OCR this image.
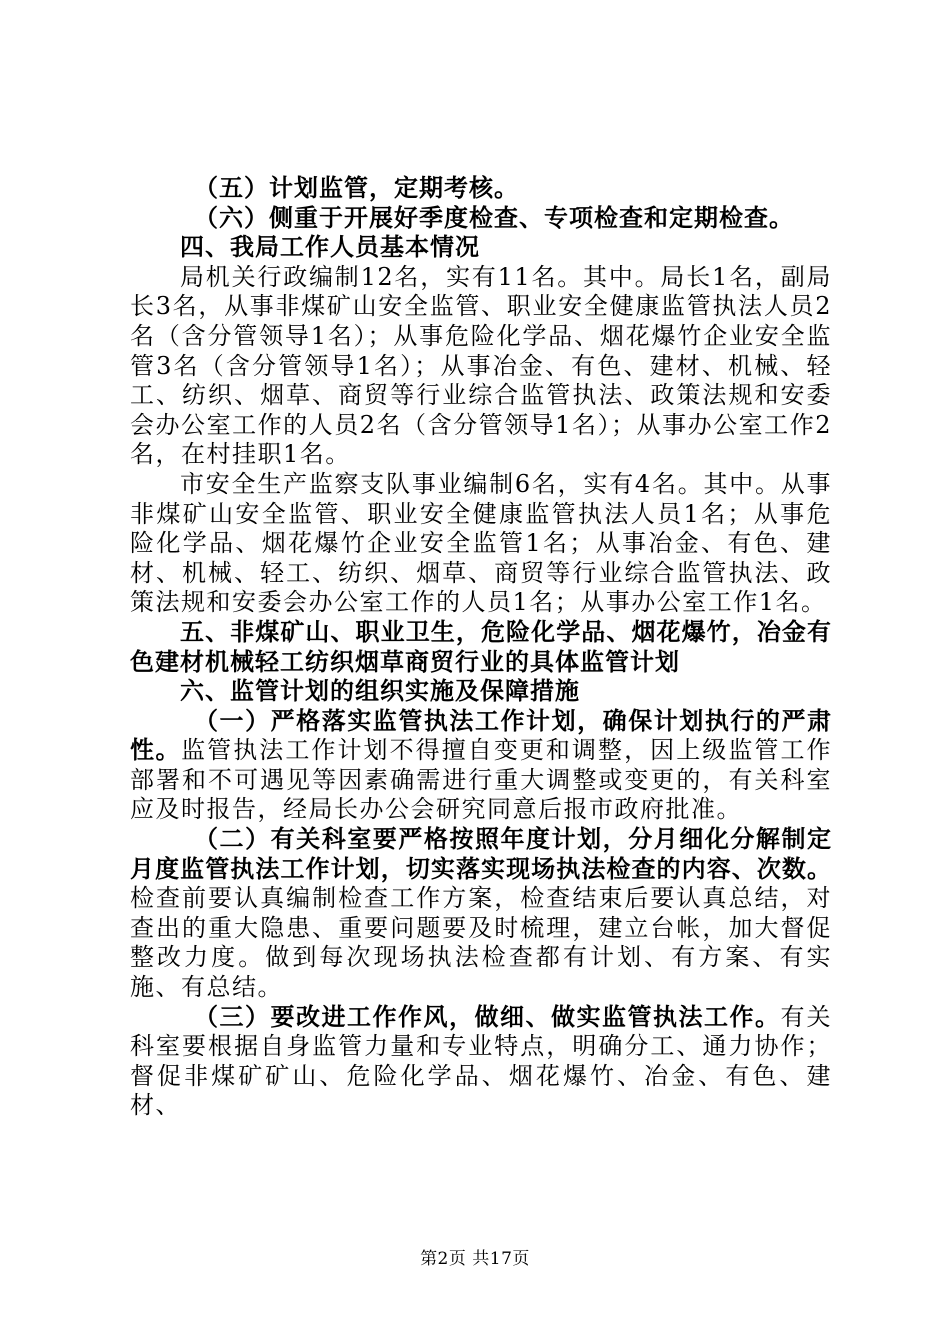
（五）计划监管，定期考核。

（六）侧重于开展好季度检查、专项检查和定期检查。

四、我局工作人员基本情况

局机关行政编制12名，实有11名。其中。局长1名，副局长3名，从事非煤矿山安全监管、职业安全健康监管执法人员2名（含分管领导1名）；从事危险化学品、烟花爆竹企业安全监管3名（含分管领导1名）；从事冶金、有色、建材、机械、轻工、纺织、烟草、商贸等行业综合监管执法、政策法规和安委会办公室工作的人员2名（含分管领导1名）；从事办公室工作2名，在村挂职1名。

市安全生产监察支队事业编制6名，实有4名。其中。从事非煤矿山安全监管、职业安全健康监管执法人员1名；从事危险化学品、烟花爆竹企业安全监管1名；从事冶金、有色、建材、机械、轻工、纺织、烟草、商贸等行业综合监管执法、政策法规和安委会办公室工作的人员1名；从事办公室工作1名。

五、非煤矿山、职业卫生，危险化学品、烟花爆竹，冶金有色建材机械轻工纺织烟草商贸行业的具体监管计划

六、监管计划的组织实施及保障措施

（一）严格落实监管执法工作计划，确保计划执行的严肃性。监管执法工作计划不得擅自变更和调整，因上级监管工作部署和不可遇见等因素确需进行重大调整或变更的，有关科室应及时报告，经局长办公会研究同意后报市政府批准。

（二）有关科室要严格按照年度计划，分月细化分解制定月度监管执法工作计划，切实落实现场执法检查的内容、次数。检查前要认真编制检查工作方案，检查结束后要认真总结，对查出的重大隐患、重要问题要及时梳理，建立台帐，加大督促整改力度。做到每次现场执法检查都有计划、有方案、有实施、有总结。

（三）要改进工作作风，做细、做实监管执法工作。有关科室要根据自身监管力量和专业特点，明确分工、通力协作；督促非煤矿矿山、危险化学品、烟花爆竹、冶金、有色、建材、

第2页 共17页
